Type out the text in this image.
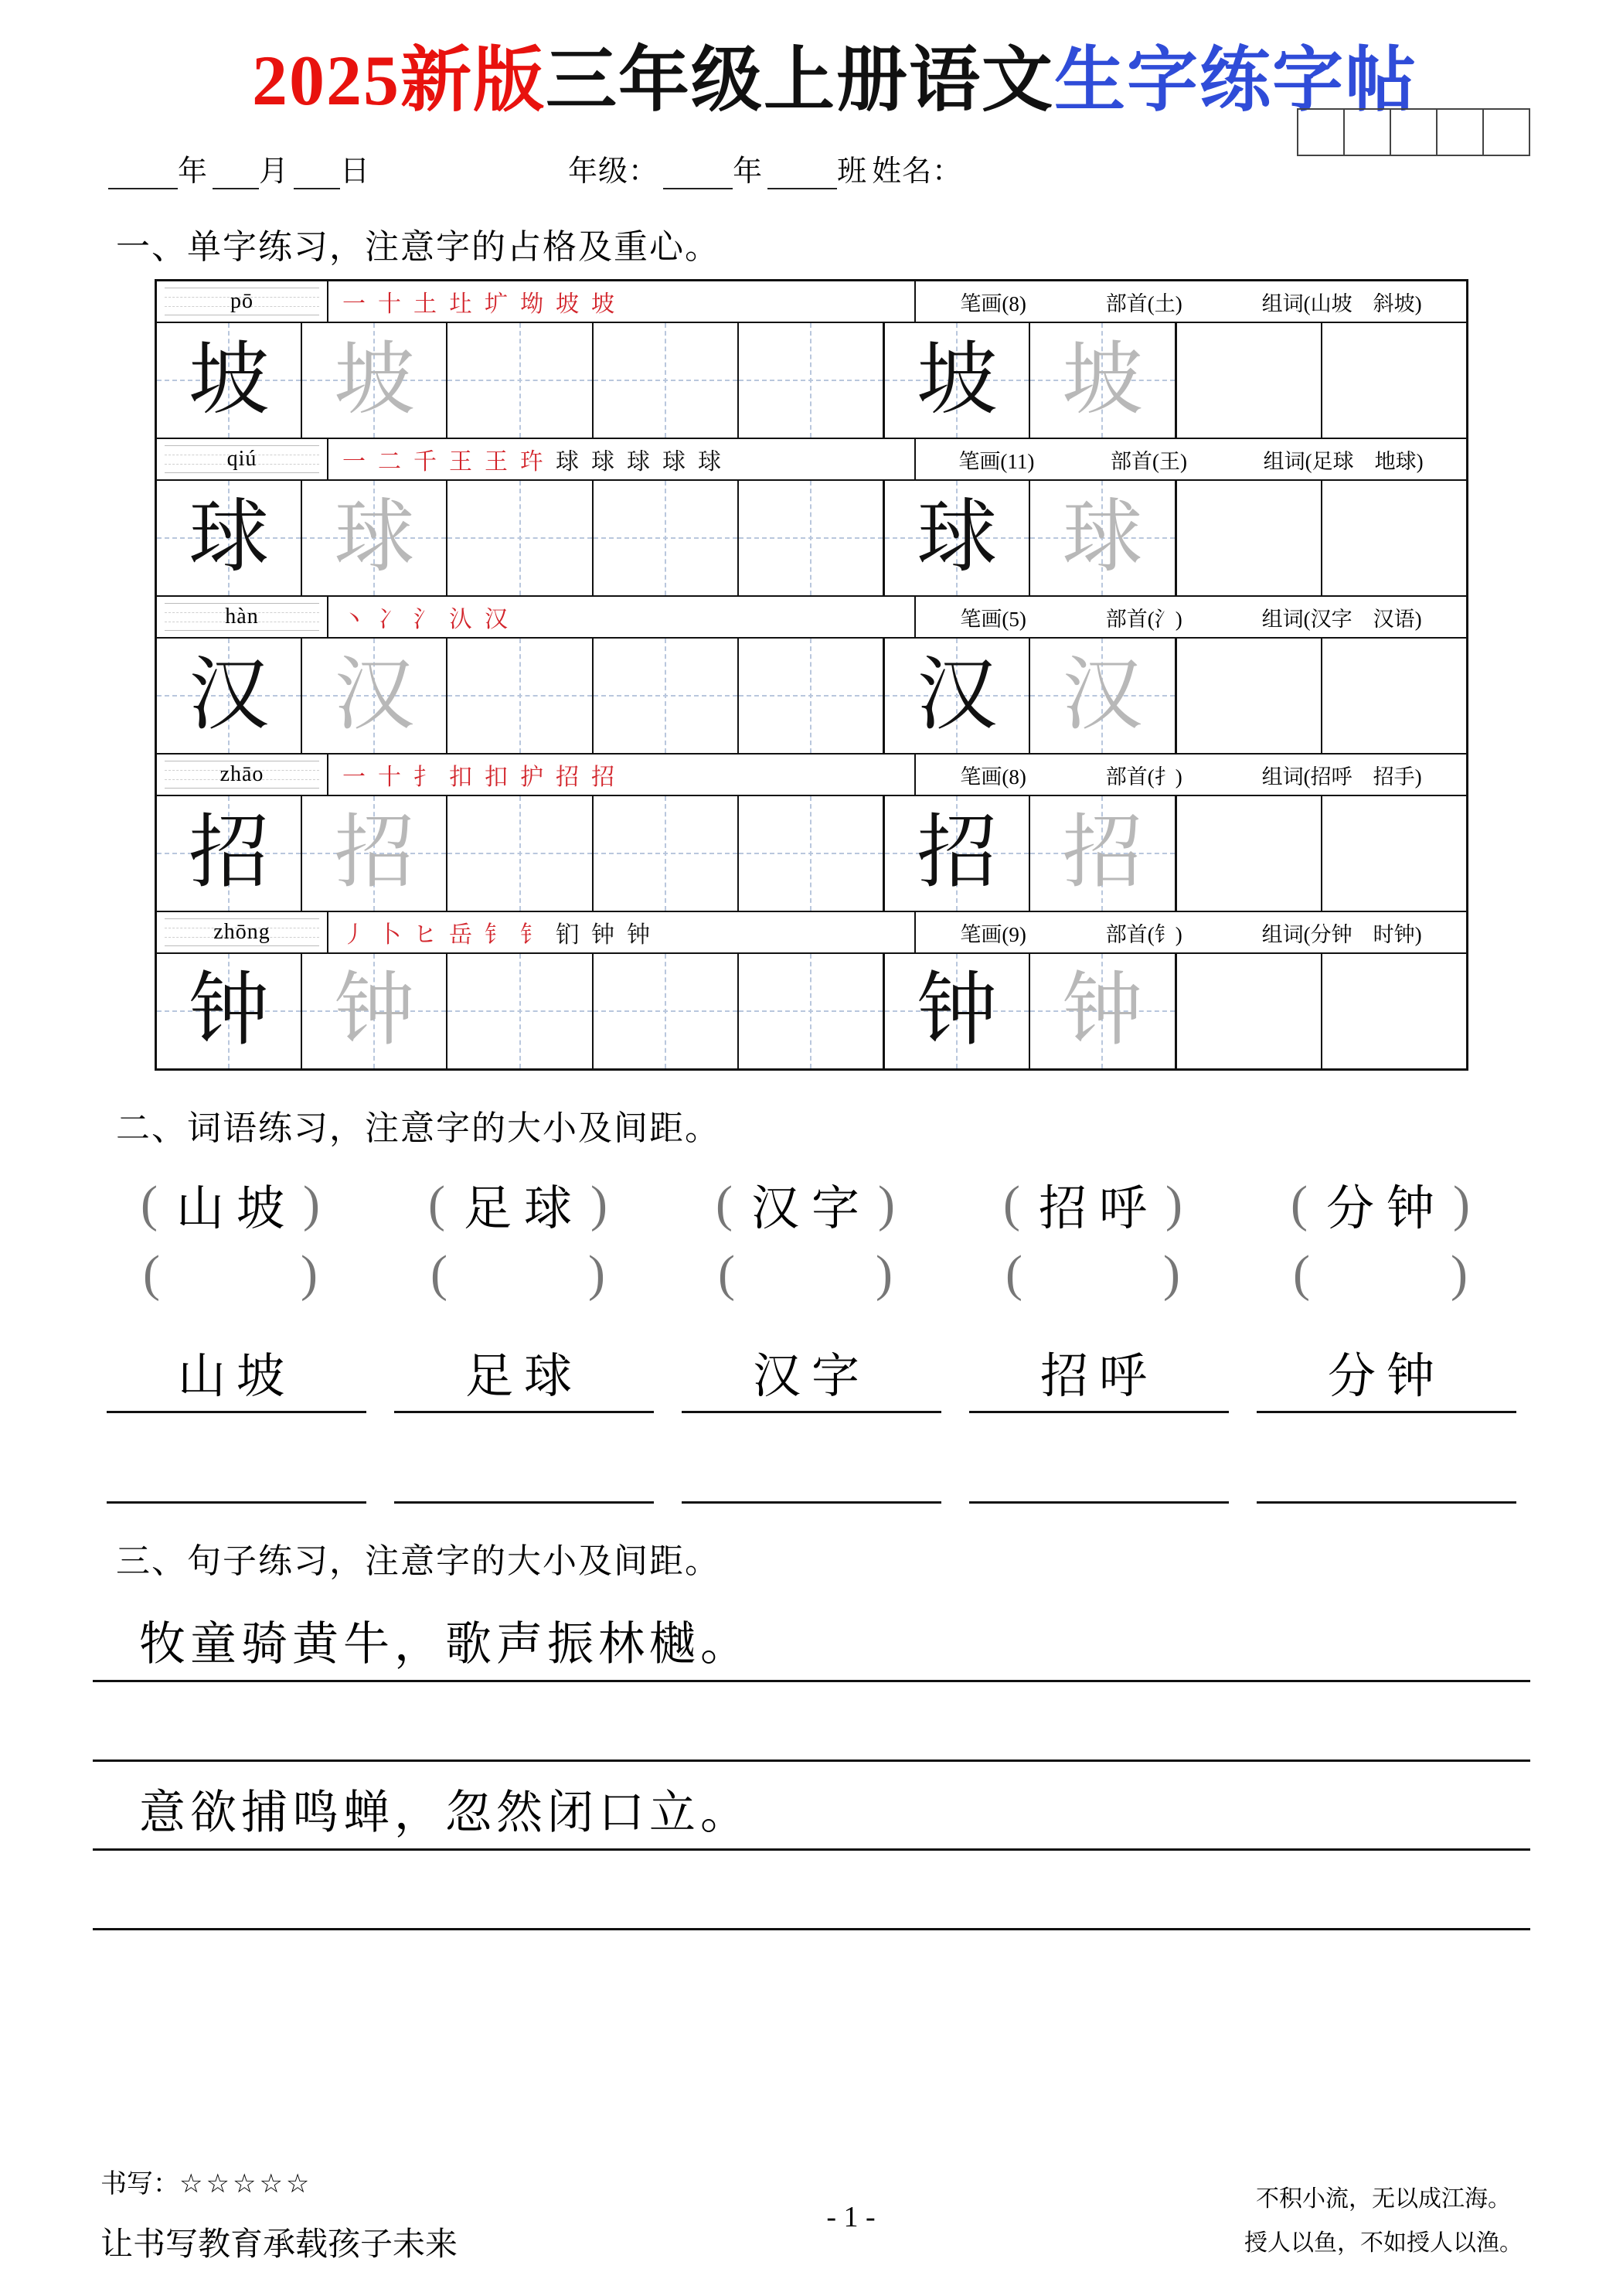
2025新版三年级上册语文生字练字帖
年 月 日	年级：	年	班 姓名：
一、单字练习，注意字的占格及重心。
pō	一 十 土 圵 圹 坳 坡 坡	笔画(8)	部首(土)	组词(山坡　斜坡)
坡 坡	坡 坡
qiú	一 二 千 王 王 玝 球 球 球 球 球	笔画(11)	部首(王)	组词(足球　地球)
球 球	球 球
hàn	丶 冫 氵 汄 汉	笔画(5)	部首(氵)	组词(汉字　汉语)
汉 汉	汉 汉
zhāo	一 十 扌 扣 扣 护 招 招	笔画(8)	部首(扌)	组词(招呼　招手)
招 招	招 招
zhōng	丿 卜 ヒ 岳 钅 钅 钔 钟 钟	笔画(9)	部首(钅)	组词(分钟　时钟)
钟 钟	钟 钟
二、词语练习，注意字的大小及间距。
( 山坡 ) ( 足球 ) ( 汉字 ) ( 招呼 ) ( 分钟 )
(	) (	) (	) (	) (	)
山坡	足球	汉字	招呼	分钟
三、句子练习，注意字的大小及间距。
牧童骑黄牛，歌声振林樾。
意欲捕鸣蝉，忽然闭口立。
书写：☆☆☆☆☆
让书写教育承载孩子未来
- 1 -
不积小流，无以成江海。
授人以鱼，不如授人以渔。
